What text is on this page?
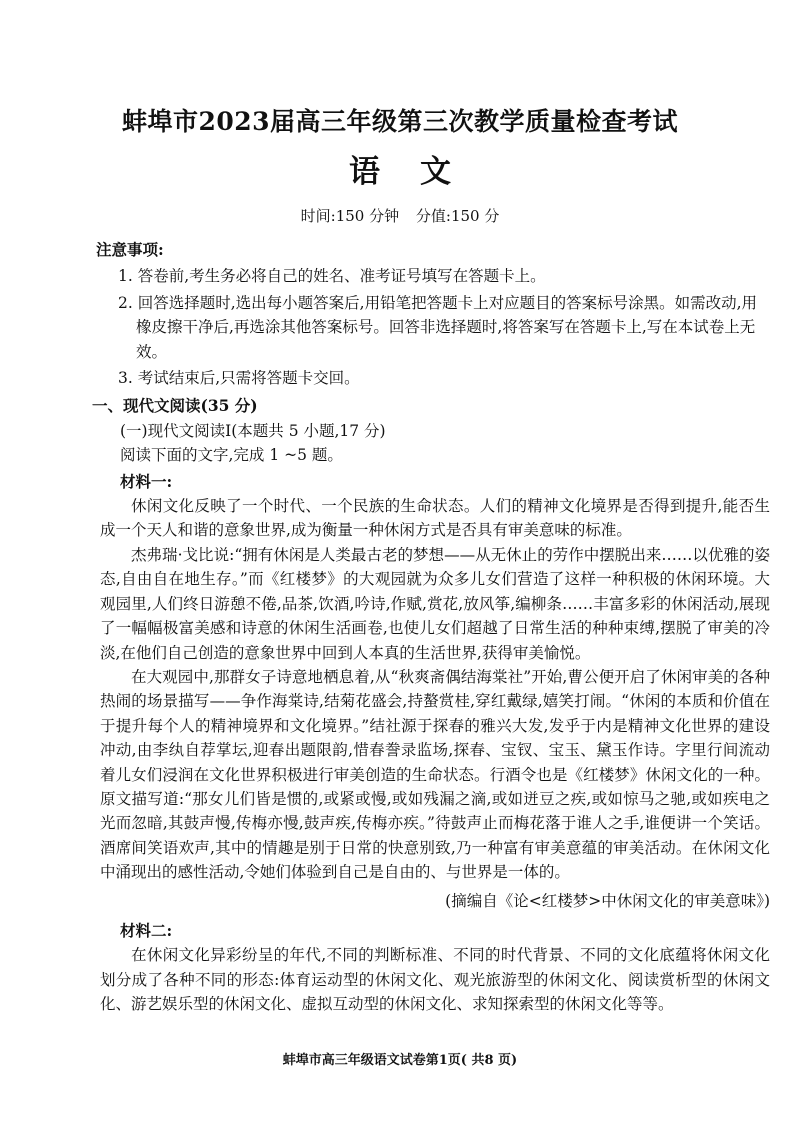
蚌埠市2023届高三年级第三次教学质量检查考试
语文
时间:150 分钟 分值:150 分
注意事项:
1. 答卷前,考生务必将自己的姓名、准考证号填写在答题卡上。
2. 回答选择题时,选出每小题答案后,用铅笔把答题卡上对应题目的答案标号涂黑。如需改动,用橡皮擦干净后,再选涂其他答案标号。回答非选择题时,将答案写在答题卡上,写在本试卷上无效。
3. 考试结束后,只需将答题卡交回。
一、现代文阅读(35 分)
(一)现代文阅读Ⅰ(本题共 5 小题,17 分)
阅读下面的文字,完成 1 ~5 题。
材料一:

休闲文化反映了一个时代、一个民族的生命状态。人们的精神文化境界是否得到提升,能否生成一个天人和谐的意象世界,成为衡量一种休闲方式是否具有审美意味的标准。

杰弗瑞·戈比说:“拥有休闲是人类最古老的梦想——从无休止的劳作中摆脱出来……以优雅的姿态,自由自在地生存。”而《红楼梦》的大观园就为众多儿女们营造了这样一种积极的休闲环境。大观园里,人们终日游憩不倦,品茶,饮酒,吟诗,作赋,赏花,放风筝,编柳条……丰富多彩的休闲活动,展现了一幅幅极富美感和诗意的休闲生活画卷,也使儿女们超越了日常生活的种种束缚,摆脱了审美的冷淡,在他们自己创造的意象世界中回到人本真的生活世界,获得审美愉悦。

在大观园中,那群女子诗意地栖息着,从“秋爽斋偶结海棠社”开始,曹公便开启了休闲审美的各种热闹的场景描写——争作海棠诗,结菊花盛会,持螯赏桂,穿红戴绿,嬉笑打闹。“休闲的本质和价值在于提升每个人的精神境界和文化境界。”结社源于探春的雅兴大发,发乎于内是精神文化世界的建设冲动,由李纨自荐掌坛,迎春出题限韵,惜春誊录监场,探春、宝钗、宝玉、黛玉作诗。字里行间流动着儿女们浸润在文化世界积极进行审美创造的生命状态。行酒令也是《红楼梦》休闲文化的一种。原文描写道:“那女儿们皆是惯的,或紧或慢,或如残漏之滴,或如迸豆之疾,或如惊马之驰,或如疾电之光而忽暗,其鼓声慢,传梅亦慢,鼓声疾,传梅亦疾。”待鼓声止而梅花落于谁人之手,谁便讲一个笑话。酒席间笑语欢声,其中的情趣是别于日常的快意别致,乃一种富有审美意蕴的审美活动。在休闲文化中涌现出的感性活动,令她们体验到自己是自由的、与世界是一体的。

(摘编自《论<红楼梦>中休闲文化的审美意味》)
材料二:

在休闲文化异彩纷呈的年代,不同的判断标准、不同的时代背景、不同的文化底蕴将休闲文化划分成了各种不同的形态:体育运动型的休闲文化、观光旅游型的休闲文化、阅读赏析型的休闲文化、游艺娱乐型的休闲文化、虚拟互动型的休闲文化、求知探索型的休闲文化等等。

蚌埠市高三年级语文试卷第1页( 共8 页)
